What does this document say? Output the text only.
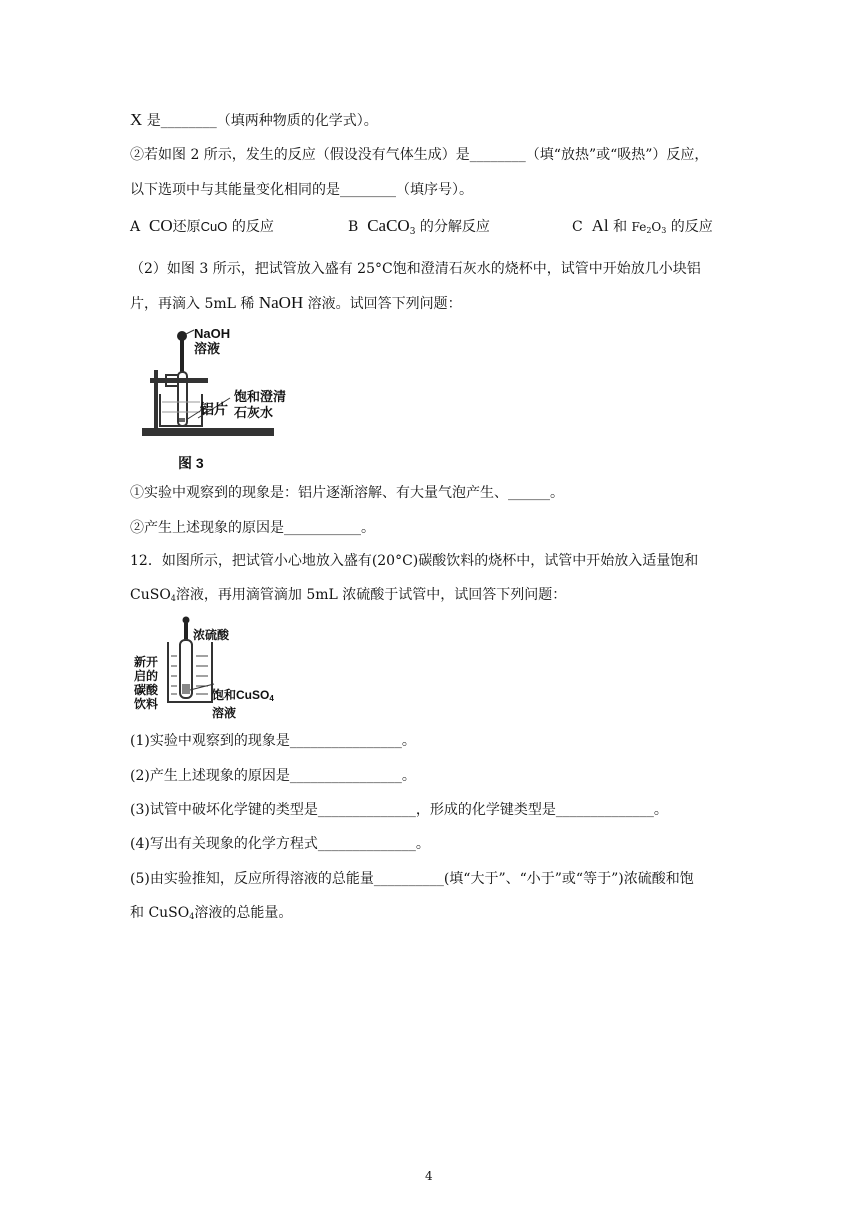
X 是________（填两种物质的化学式）。
②若如图 2 所示，发生的反应（假设没有气体生成）是________（填“放热”或“吸热”）反应，
以下选项中与其能量变化相同的是________（填序号）。
A CO还原CuO 的反应	B CaCO$_3$ 的分解反应	C Al 和 Fe2O3 的反应
（2）如图 3 所示，把试管放入盛有 25°C饱和澄清石灰水的烧杯中，试管中开始放几小块铝
片，再滴入 5mL 稀 NaOH 溶液。试回答下列问题：
NaOH
溶液
铝片
饱和澄清
石灰水
图 3
①实验中观察到的现象是：铝片逐渐溶解、有大量气泡产生、______。
②产生上述现象的原因是___________。
12．如图所示，把试管小心地放入盛有(20°C)碳酸饮料的烧杯中，试管中开始放入适量饱和
CuSO4溶液，再用滴管滴加 5mL 浓硫酸于试管中，试回答下列问题：
浓硫酸
新开
启的
碳酸
饮料
饱和CuSO4
溶液
(1)实验中观察到的现象是________________。
(2)产生上述现象的原因是________________。
(3)试管中破坏化学键的类型是______________，形成的化学键类型是______________。
(4)写出有关现象的化学方程式______________。
(5)由实验推知，反应所得溶液的总能量__________(填“大于”、“小于”或“等于”)浓硫酸和饱
和 CuSO4溶液的总能量。
4
